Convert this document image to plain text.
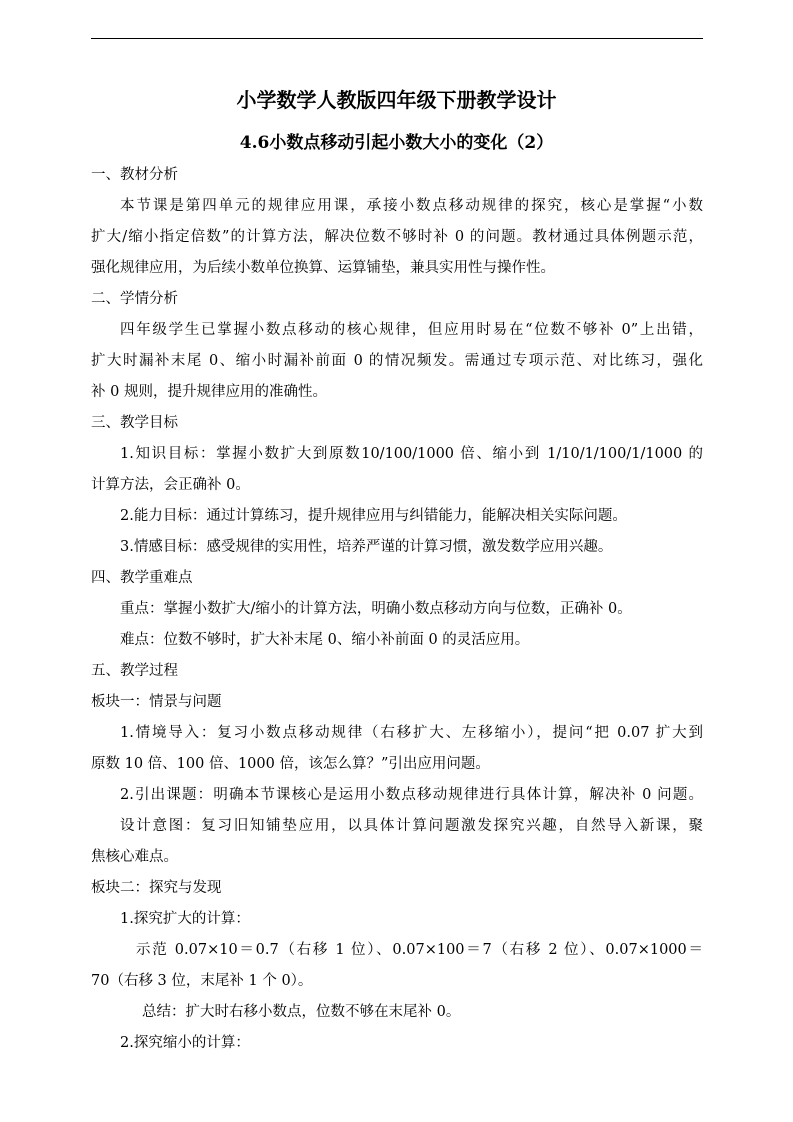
小学数学人教版四年级下册教学设计
4.6小数点移动引起小数大小的变化（2）

一、教材分析

本节课是第四单元的规律应用课，承接小数点移动规律的探究，核心是掌握“小数

扩大/缩小指定倍数”的计算方法，解决位数不够时补 0 的问题。教材通过具体例题示范，

强化规律应用，为后续小数单位换算、运算铺垫，兼具实用性与操作性。

二、学情分析

四年级学生已掌握小数点移动的核心规律，但应用时易在“位数不够补 0”上出错，

扩大时漏补末尾 0、缩小时漏补前面 0 的情况频发。需通过专项示范、对比练习，强化

补 0 规则，提升规律应用的准确性。

三、教学目标

1.知识目标：掌握小数扩大到原数10/100/1000 倍、缩小到 1/10/1/100/1/1000 的

计算方法，会正确补 0。

2.能力目标：通过计算练习，提升规律应用与纠错能力，能解决相关实际问题。

3.情感目标：感受规律的实用性，培养严谨的计算习惯，激发数学应用兴趣。

四、教学重难点

重点：掌握小数扩大/缩小的计算方法，明确小数点移动方向与位数，正确补 0。

难点：位数不够时，扩大补末尾 0、缩小补前面 0 的灵活应用。

五、教学过程

板块一：情景与问题

1.情境导入：复习小数点移动规律（右移扩大、左移缩小），提问“把 0.07 扩大到

原数 10 倍、100 倍、1000 倍，该怎么算？”引出应用问题。

2.引出课题：明确本节课核心是运用小数点移动规律进行具体计算，解决补 0 问题。

设计意图：复习旧知铺垫应用，以具体计算问题激发探究兴趣，自然导入新课，聚

焦核心难点。

板块二：探究与发现

1.探究扩大的计算：

示范 0.07×10＝0.7（右移 1 位）、0.07×100＝7（右移 2 位）、0.07×1000＝

70（右移 3 位，末尾补 1 个 0）。

总结：扩大时右移小数点，位数不够在末尾补 0。

2.探究缩小的计算：
